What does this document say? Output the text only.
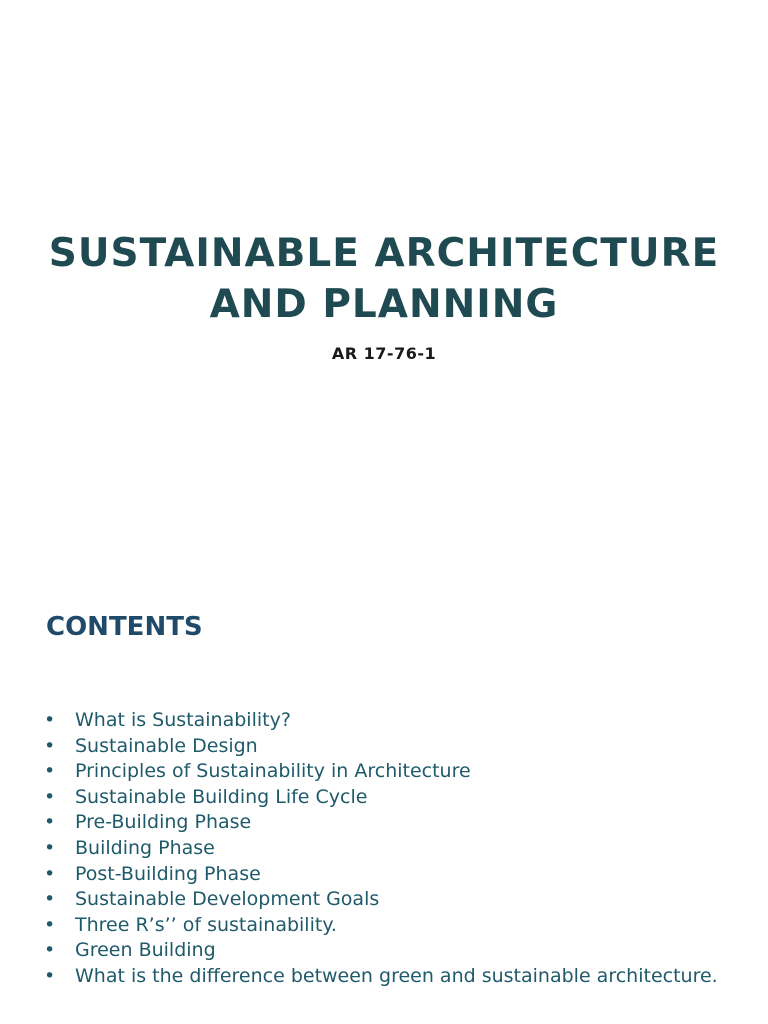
SUSTAINABLE ARCHITECTURE
AND PLANNING

AR 17-76-1

CONTENTS
• What is Sustainability?
• Sustainable Design
• Principles of Sustainability in Architecture
• Sustainable Building Life Cycle
• Pre-Building Phase
• Building Phase
• Post-Building Phase
• Sustainable Development Goals
• Three R’s’’ of sustainability.
• Green Building
• What is the difference between green and sustainable architecture.
